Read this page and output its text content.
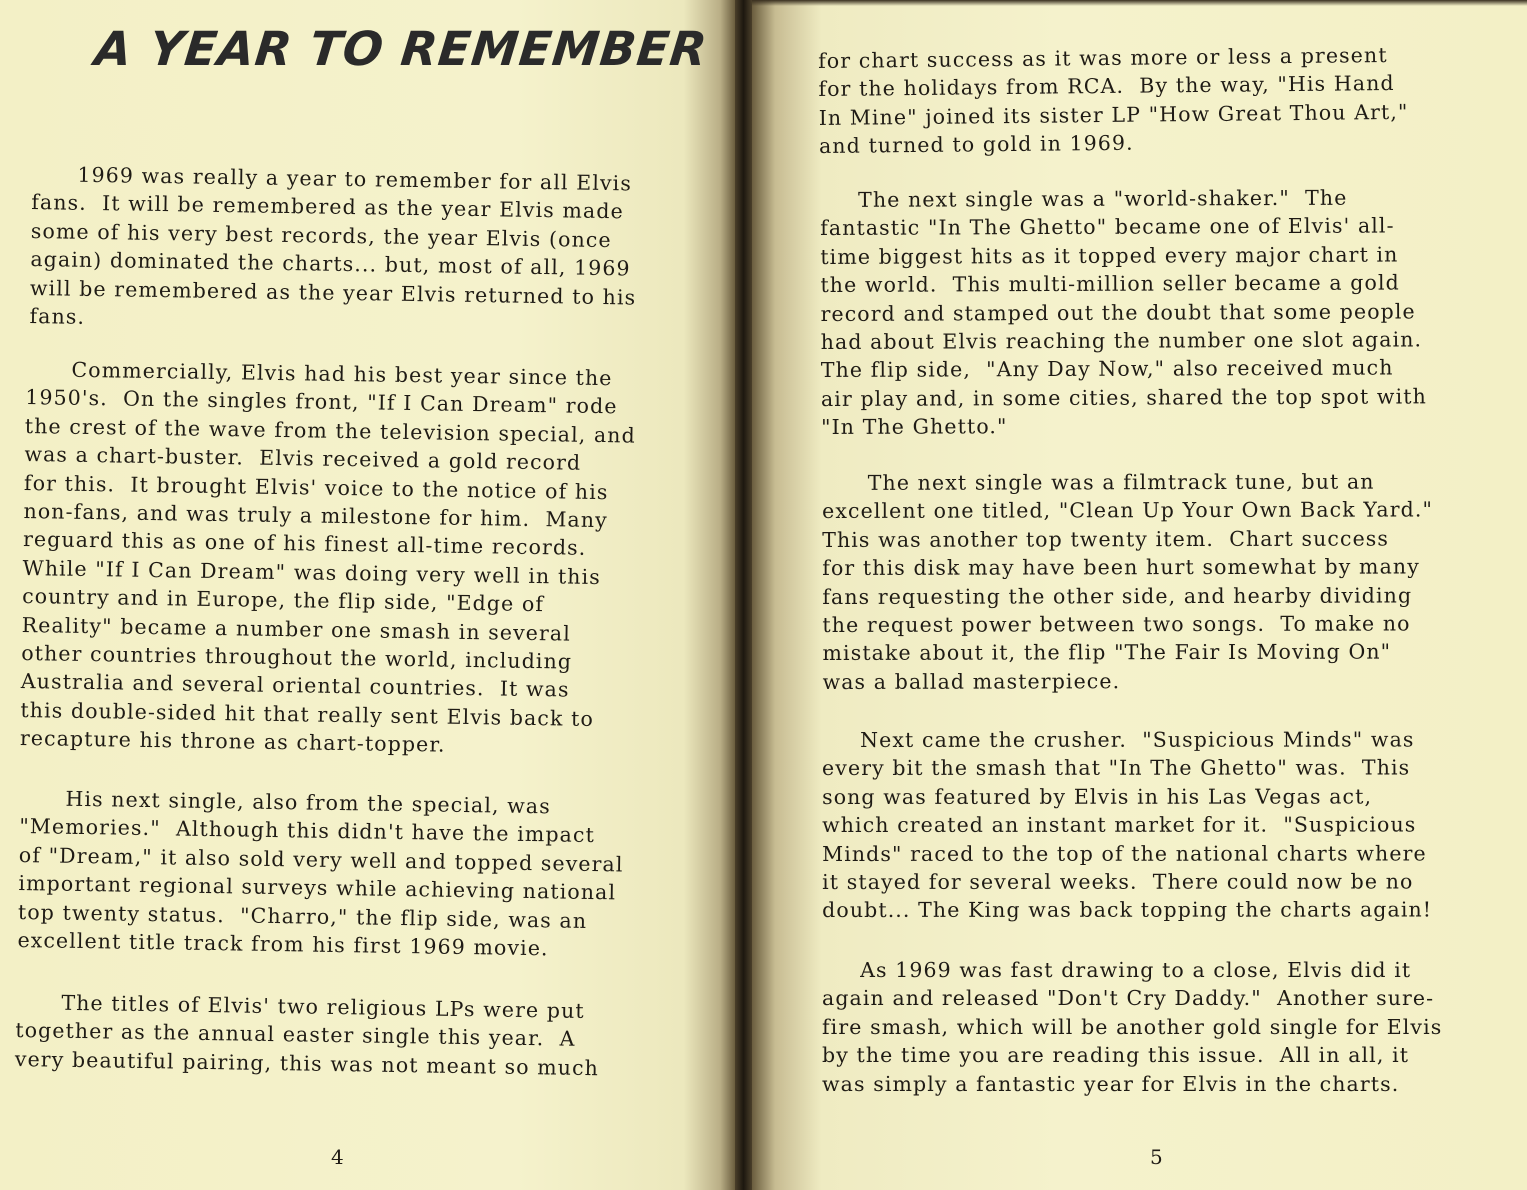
A YEAR TO REMEMBER

1969 was really a year to remember for all Elvis
fans.  It will be remembered as the year Elvis made
some of his very best records, the year Elvis (once
again) dominated the charts... but, most of all, 1969
will be remembered as the year Elvis returned to his
fans.

Commercially, Elvis had his best year since the
1950's.  On the singles front, "If I Can Dream" rode
the crest of the wave from the television special, and
was a chart-buster.  Elvis received a gold record
for this.  It brought Elvis' voice to the notice of his
non-fans, and was truly a milestone for him.  Many
reguard this as one of his finest all-time records.
While "If I Can Dream" was doing very well in this
country and in Europe, the flip side, "Edge of
Reality" became a number one smash in several
other countries throughout the world, including
Australia and several oriental countries.  It was
this double-sided hit that really sent Elvis back to
recapture his throne as chart-topper.

His next single, also from the special, was
"Memories."  Although this didn't have the impact
of "Dream," it also sold very well and topped several
important regional surveys while achieving national
top twenty status.  "Charro," the flip side, was an
excellent title track from his first 1969 movie.

The titles of Elvis' two religious LPs were put
together as the annual easter single this year.  A
very beautiful pairing, this was not meant so much

4

for chart success as it was more or less a present
for the holidays from RCA.  By the way, "His Hand
In Mine" joined its sister LP "How Great Thou Art,"
and turned to gold in 1969.

The next single was a "world-shaker."  The
fantastic "In The Ghetto" became one of Elvis' all-
time biggest hits as it topped every major chart in
the world.  This multi-million seller became a gold
record and stamped out the doubt that some people
had about Elvis reaching the number one slot again.
The flip side,  "Any Day Now," also received much
air play and, in some cities, shared the top spot with
"In The Ghetto."

The next single was a filmtrack tune, but an
excellent one titled, "Clean Up Your Own Back Yard."
This was another top twenty item.  Chart success
for this disk may have been hurt somewhat by many
fans requesting the other side, and hearby dividing
the request power between two songs.  To make no
mistake about it, the flip "The Fair Is Moving On"
was a ballad masterpiece.

Next came the crusher.  "Suspicious Minds" was
every bit the smash that "In The Ghetto" was.  This
song was featured by Elvis in his Las Vegas act,
which created an instant market for it.  "Suspicious
Minds" raced to the top of the national charts where
it stayed for several weeks.  There could now be no
doubt... The King was back topping the charts again!

As 1969 was fast drawing to a close, Elvis did it
again and released "Don't Cry Daddy."  Another sure-
fire smash, which will be another gold single for Elvis
by the time you are reading this issue.  All in all, it
was simply a fantastic year for Elvis in the charts.

5
